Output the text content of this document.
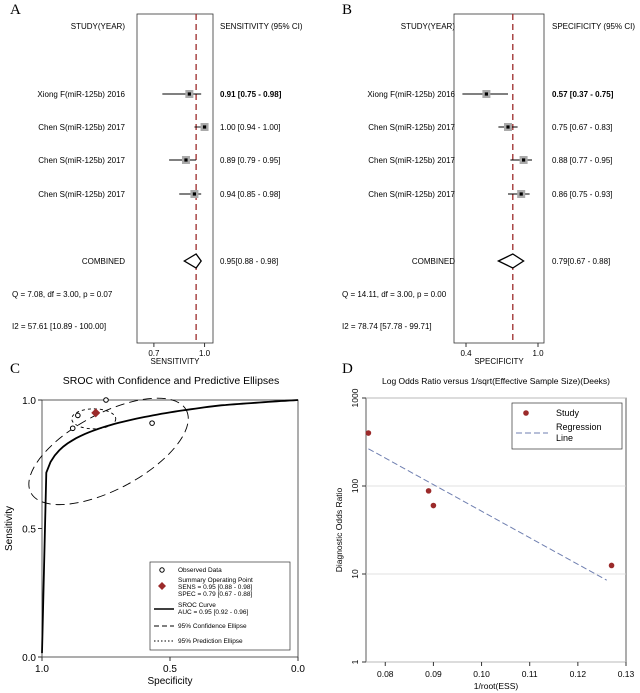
A	B
C	D
STUDY(YEAR)	SENSITIVITY (95% CI)
0.7	1.0
SENSITIVITY
Xiong F(miR-125b) 2016	0.91 [0.75 - 0.98]
Chen S(miR-125b) 2017	1.00 [0.94 - 1.00]
Chen S(miR-125b) 2017	0.89 [0.79 - 0.95]
Chen S(miR-125b) 2017	0.94 [0.85 - 0.98]
COMBINED	0.95[0.88 - 0.98]
Q = 7.08, df = 3.00, p = 0.07
I2 = 57.61 [10.89 - 100.00]
STUDY(YEAR)	SPECIFICITY (95% CI)
0.4	1.0
SPECIFICITY
Xiong F(miR-125b) 2016	0.57 [0.37 - 0.75]
Chen S(miR-125b) 2017	0.75 [0.67 - 0.83]
Chen S(miR-125b) 2017	0.88 [0.77 - 0.95]
Chen S(miR-125b) 2017	0.86 [0.75 - 0.93]
COMBINED	0.79[0.67 - 0.88]
Q = 14.11, df = 3.00, p = 0.00
I2 = 78.74 [57.78 - 99.71]
SROC with Confidence and Predictive Ellipses
1.0	0.5	0.0
0.0
0.5
1.0
Specificity
Sensitivity
Observed Data
Summary Operating Point
SENS = 0.95 [0.88 - 0.98]
SPEC = 0.79 [0.67 - 0.88]
SROC Curve
AUC = 0.95 [0.92 - 0.96]
95% Confidence Ellipse
95% Prediction Ellipse
Log Odds Ratio versus 1/sqrt(Effective Sample Size)(Deeks)
1
10
100
1000
0.08	0.09	0.10	0.11	0.12	0.13
1/root(ESS)
Diagnostic Odds Ratio
Study
Regression
Line
